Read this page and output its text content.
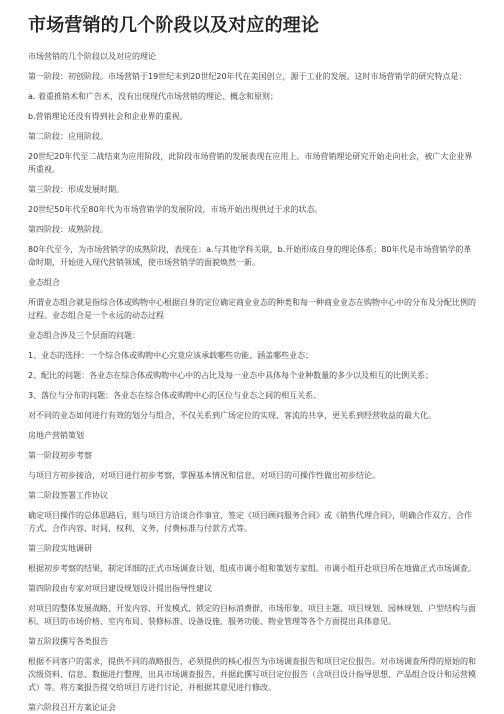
市场营销的几个阶段以及对应的理论

市场营销的几个阶段以及对应的理论

第一阶段：初创阶段。市场营销于19世纪末到20世纪20年代在美国创立，源于工业的发展。这时市场营销学的研究特点是：

a. 着重推销术和广告术，没有出现现代市场营销的理论、概念和原则；

b.营销理论还没有得到社会和企业界的重视。

第二阶段：应用阶段。

20世纪20年代至二战结束为应用阶段，此阶段市场营销的发展表现在应用上。市场营销理论研究开始走向社会，被广大企业界所重视。

第三阶段：形成发展时期。

20世纪50年代至80年代为市场营销学的发展阶段，市场开始出现供过于求的状态。

第四阶段：成熟阶段。

80年代至今，为市场营销学的成熟阶段，表现在：a.与其他学科关联，b.开始形成自身的理论体系；80年代是市场营销学的革命时期，开始进入现代营销领域，使市场营销学的面貌焕然一新。

业态组合

所谓业态组合就是指综合体或购物中心根据自身的定位确定商业业态的种类和每一种商业业态在购物中心中的分布及分配比例的过程。业态组合是一个永远的动态过程

业态组合涉及三个层面的问题：

1、业态的选择：一个综合体或购物中心究竟应该承载哪些功能、涵盖哪些业态；

2、配比的问题：各业态在综合体或购物中心中的占比及每一业态中具体每个业种数量的多少以及相互的比例关系；

3、落位与分布的问题：各业态在综合体或购物中心的区位与业态之间的相互关系。

对不同的业态如何进行有效的划分与组合，不仅关系到广场定位的实现、客流的共享，更关系到经营收益的最大化。

房地产营销策划

第一阶段初步考察

与项目方初步接洽，对项目进行初步考察，掌握基本情况和信息，对项目的可操作性做出初步结论。

第二阶段签署工作协议

确定项目操作的总体思路后，则与项目方洽谈合作事宜，签定《项目顾问服务合同》或《销售代理合同》，明确合作双方、合作方式、合作内容、时间、权利、义务，付费标准与付款方式等。

第三阶段实地调研

根据初步考察的结果，制定详细的正式市场调查计划，组成市调小组和策划专家组。市调小组开赴项目所在地做正式市场调查。

第四阶段由专家对项目建设规划设计提出指导性建议

对项目的整体发展战略、开发内容、开发模式、锁定的目标消费群、市场形象、项目主题、项目规划、园林规划、户型结构与面积、项目的市场价格、室内布局、装修标准、设备设施、服务功能、物业管理等各个方面提出具体意见。

第五阶段撰写各类报告

根据不同客户的需求，提供不同的战略报告，必须提供的核心报告为市场调查报告和项目定位报告。对市场调查所得的原始的和次级资料、信息、数据进行整理，出具市场调查报告，并据此撰写项目定位报告（含项目设计指导思想、产品组合设计和运营模式）等。将方案报告提交给项目方进行讨论，并根据其意见进行修改。

第六阶段召开方案论证会
